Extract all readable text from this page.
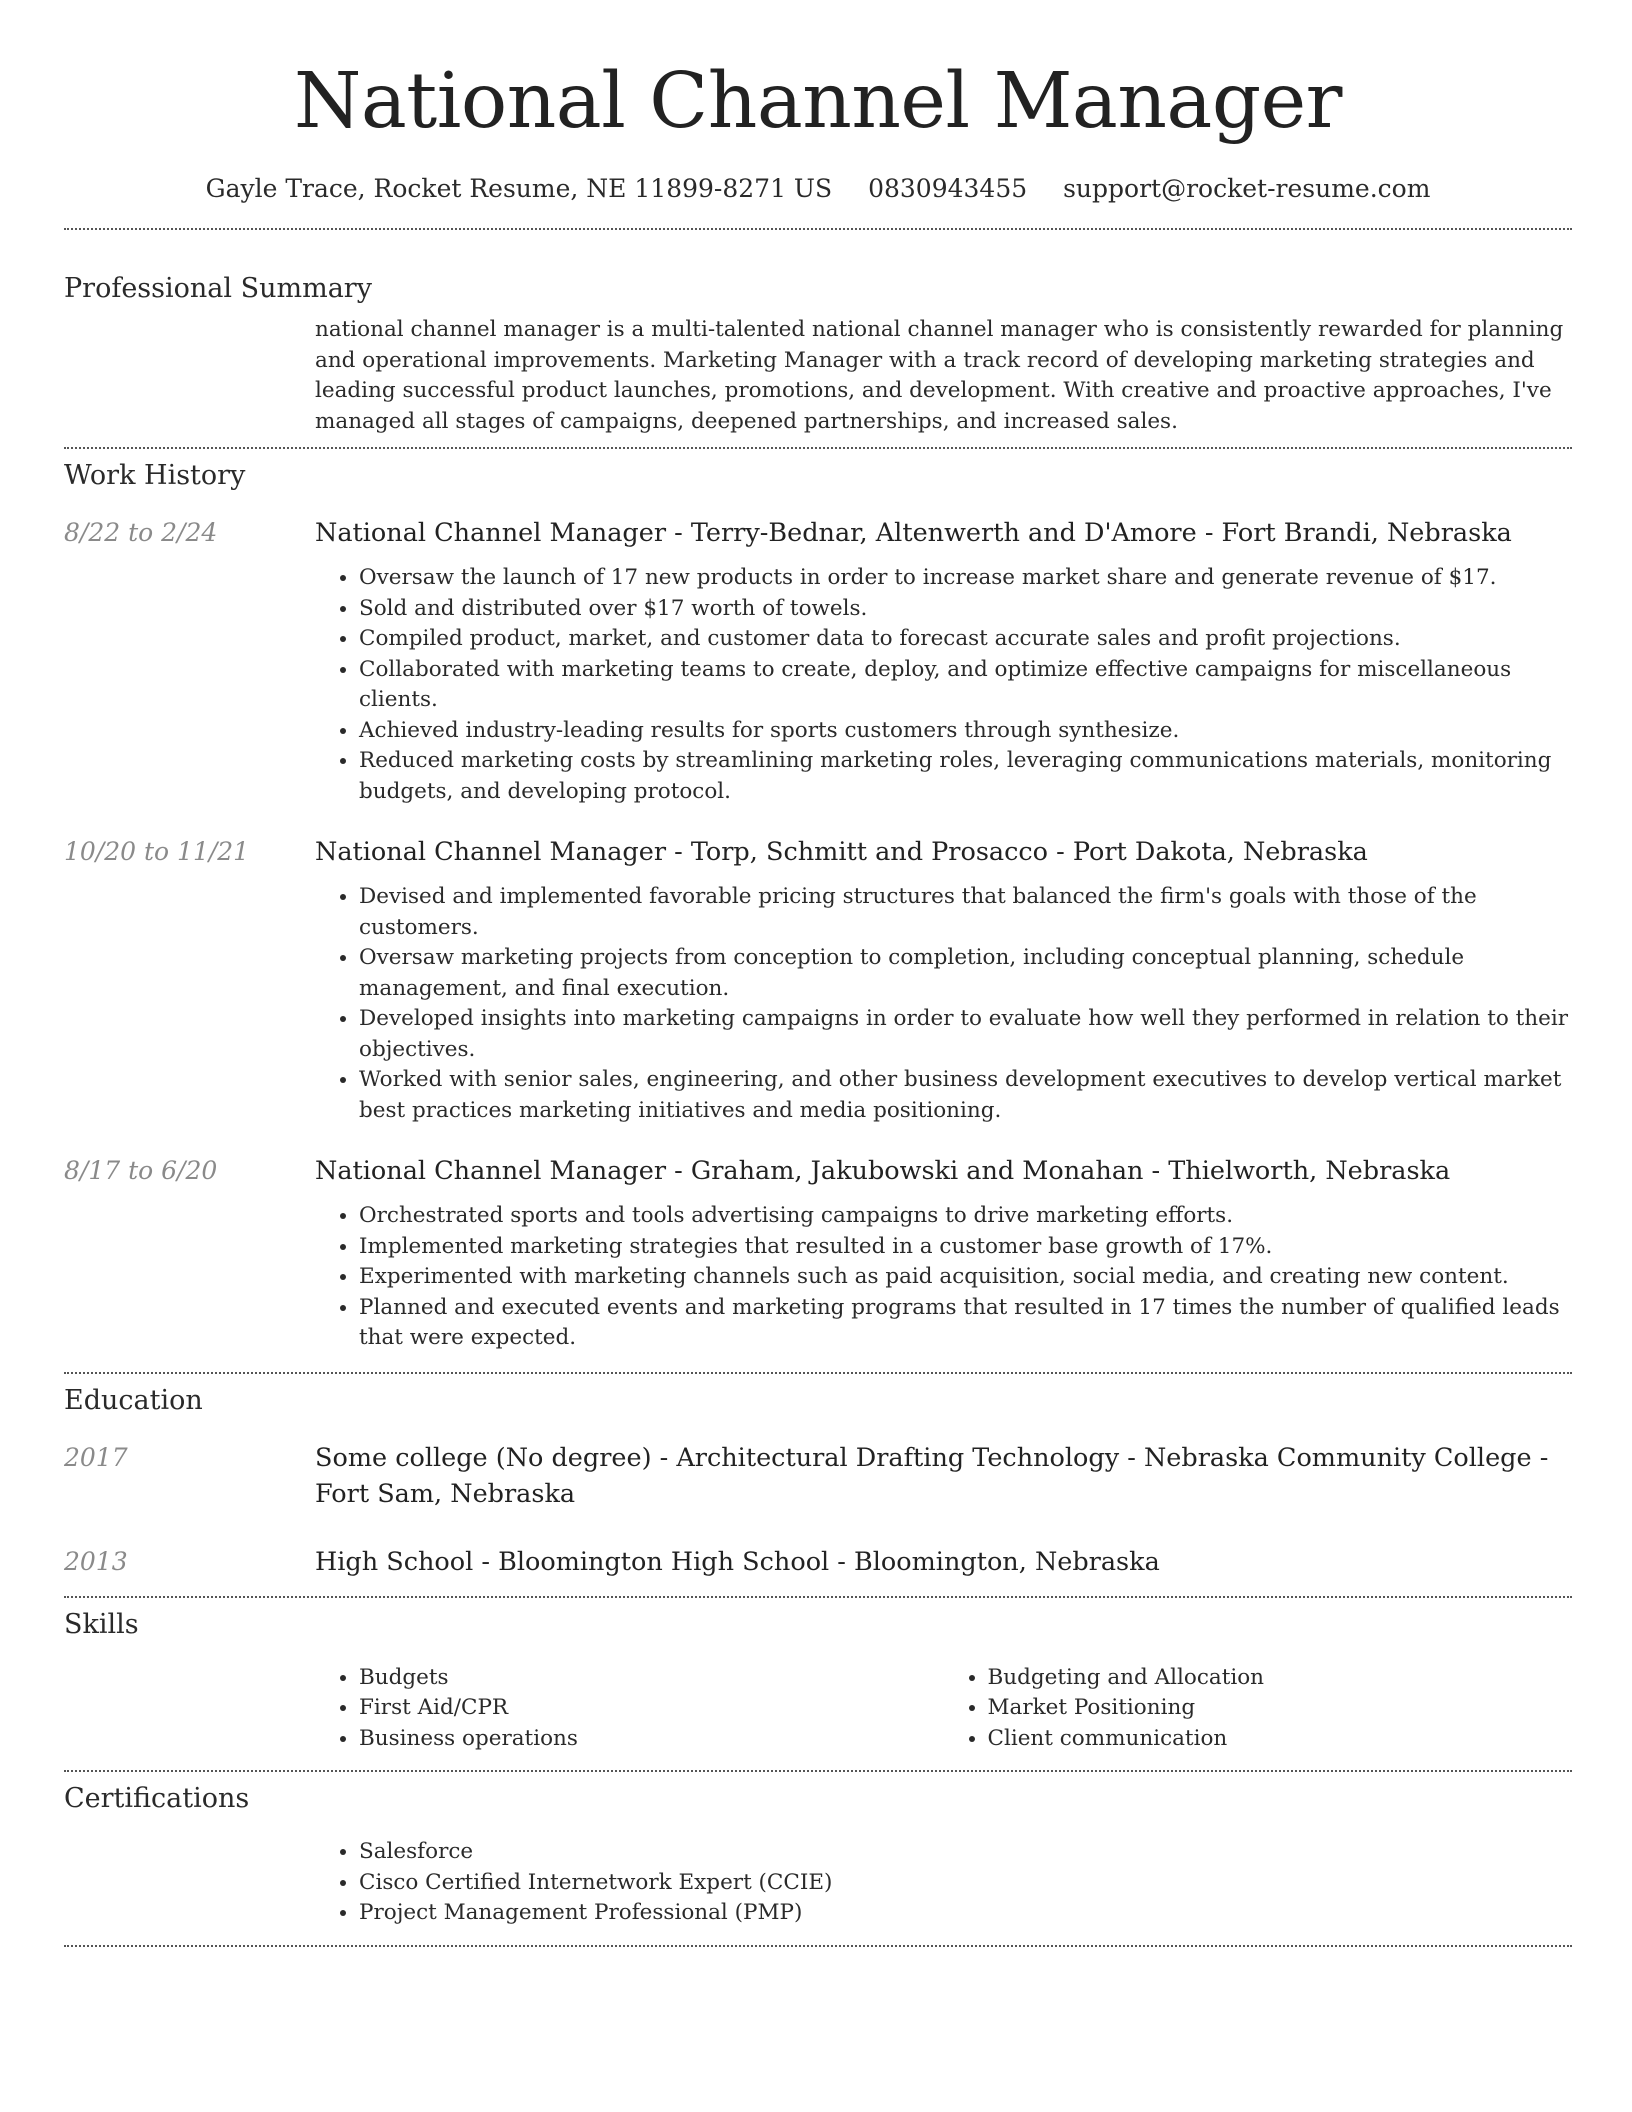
National Channel Manager
Gayle Trace, Rocket Resume, NE 11899-8271 US 0830943455 support@rocket-resume.com
Professional Summary
national channel manager is a multi-talented national channel manager who is consistently rewarded for planning and operational improvements. Marketing Manager with a track record of developing marketing strategies and leading successful product launches, promotions, and development. With creative and proactive approaches, I've managed all stages of campaigns, deepened partnerships, and increased sales.
Work History
8/22 to 2/24	National Channel Manager - Terry-Bednar, Altenwerth and D'Amore - Fort Brandi, Nebraska
• Oversaw the launch of 17 new products in order to increase market share and generate revenue of $17.
• Sold and distributed over $17 worth of towels.
• Compiled product, market, and customer data to forecast accurate sales and profit projections.
• Collaborated with marketing teams to create, deploy, and optimize effective campaigns for miscellaneous clients.
• Achieved industry-leading results for sports customers through synthesize.
• Reduced marketing costs by streamlining marketing roles, leveraging communications materials, monitoring budgets, and developing protocol.
10/20 to 11/21	National Channel Manager - Torp, Schmitt and Prosacco - Port Dakota, Nebraska
• Devised and implemented favorable pricing structures that balanced the firm's goals with those of the customers.
• Oversaw marketing projects from conception to completion, including conceptual planning, schedule management, and final execution.
• Developed insights into marketing campaigns in order to evaluate how well they performed in relation to their objectives.
• Worked with senior sales, engineering, and other business development executives to develop vertical market best practices marketing initiatives and media positioning.
8/17 to 6/20	National Channel Manager - Graham, Jakubowski and Monahan - Thielworth, Nebraska
• Orchestrated sports and tools advertising campaigns to drive marketing efforts.
• Implemented marketing strategies that resulted in a customer base growth of 17%.
• Experimented with marketing channels such as paid acquisition, social media, and creating new content.
• Planned and executed events and marketing programs that resulted in 17 times the number of qualified leads that were expected.
Education
2017	Some college (No degree) - Architectural Drafting Technology - Nebraska Community College - Fort Sam, Nebraska
2013	High School - Bloomington High School - Bloomington, Nebraska
Skills
• Budgets
• First Aid/CPR
• Business operations
• Budgeting and Allocation
• Market Positioning
• Client communication
Certifications
• Salesforce
• Cisco Certified Internetwork Expert (CCIE)
• Project Management Professional (PMP)
